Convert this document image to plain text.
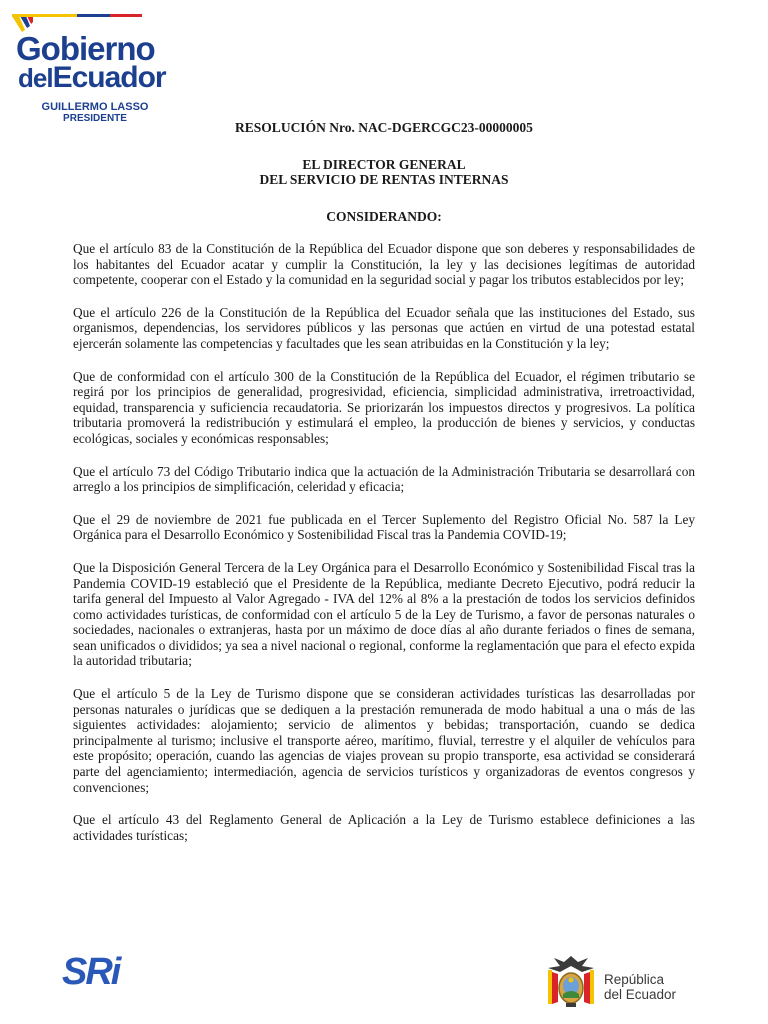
Gobierno
delEcuador
GUILLERMO LASSO
PRESIDENTE

RESOLUCIÓN Nro. NAC-DGERCGC23-00000005

EL DIRECTOR GENERAL

DEL SERVICIO DE RENTAS INTERNAS

CONSIDERANDO:

Que el artículo 83 de la Constitución de la República del Ecuador dispone que son deberes y responsabilidades de los habitantes del Ecuador acatar y cumplir la Constitución, la ley y las decisiones legítimas de autoridad competente, cooperar con el Estado y la comunidad en la seguridad social y pagar los tributos establecidos por ley;

Que el artículo 226 de la Constitución de la República del Ecuador señala que las instituciones del Estado, sus organismos, dependencias, los servidores públicos y las personas que actúen en virtud de una potestad estatal ejercerán solamente las competencias y facultades que les sean atribuidas en la Constitución y la ley;

Que de conformidad con el artículo 300 de la Constitución de la República del Ecuador, el régimen tributario se regirá por los principios de generalidad, progresividad, eficiencia, simplicidad administrativa, irretroactividad, equidad, transparencia y suficiencia recaudatoria. Se priorizarán los impuestos directos y progresivos. La política tributaria promoverá la redistribución y estimulará el empleo, la producción de bienes y servicios, y conductas ecológicas, sociales y económicas responsables;

Que el artículo 73 del Código Tributario indica que la actuación de la Administración Tributaria se desarrollará con arreglo a los principios de simplificación, celeridad y eficacia;

Que el 29 de noviembre de 2021 fue publicada en el Tercer Suplemento del Registro Oficial No. 587 la Ley Orgánica para el Desarrollo Económico y Sostenibilidad Fiscal tras la Pandemia COVID-19;

Que la Disposición General Tercera de la Ley Orgánica para el Desarrollo Económico y Sostenibilidad Fiscal tras la Pandemia COVID-19 estableció que el Presidente de la República, mediante Decreto Ejecutivo, podrá reducir la tarifa general del Impuesto al Valor Agregado - IVA del 12% al 8% a la prestación de todos los servicios definidos como actividades turísticas, de conformidad con el artículo 5 de la Ley de Turismo, a favor de personas naturales o sociedades, nacionales o extranjeras, hasta por un máximo de doce días al año durante feriados o fines de semana, sean unificados o divididos; ya sea a nivel nacional o regional, conforme la reglamentación que para el efecto expida la autoridad tributaria;

Que el artículo 5 de la Ley de Turismo dispone que se consideran actividades turísticas las desarrolladas por personas naturales o jurídicas que se dediquen a la prestación remunerada de modo habitual a una o más de las siguientes actividades: alojamiento; servicio de alimentos y bebidas; transportación, cuando se dedica principalmente al turismo; inclusive el transporte aéreo, marítimo, fluvial, terrestre y el alquiler de vehículos para este propósito; operación, cuando las agencias de viajes provean su propio transporte, esa actividad se considerará parte del agenciamiento; intermediación, agencia de servicios turísticos y organizadoras de eventos congresos y convenciones;

Que el artículo 43 del Reglamento General de Aplicación a la Ley de Turismo establece definiciones a las actividades turísticas;

SRi	República
del Ecuador
